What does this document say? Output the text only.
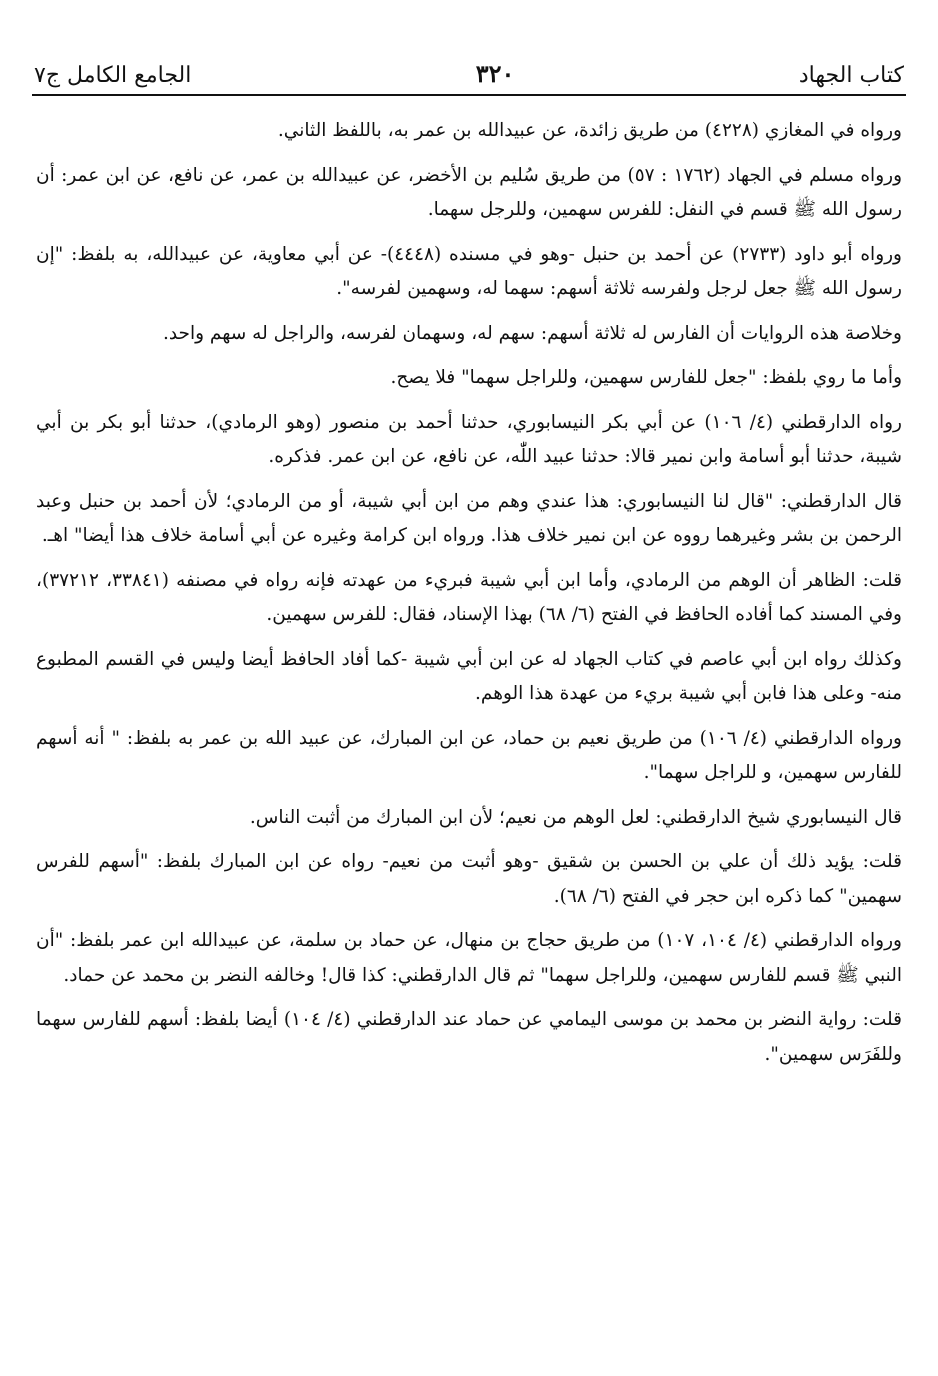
كتاب الجهاد
٣٢٠
الجامع الكامل ج٧

ورواه في المغازي (٤٢٢٨) من طريق زائدة، عن عبيدالله بن عمر به، باللفظ الثاني.

ورواه مسلم في الجهاد (١٧٦٢ : ٥٧) من طريق سُليم بن الأخضر، عن عبيدالله بن عمر، عن نافع، عن ابن عمر: أن رسول الله ﷺ قسم في النفل: للفرس سهمين، وللرجل سهما.

ورواه أبو داود (٢٧٣٣) عن أحمد بن حنبل -وهو في مسنده (٤٤٤٨)- عن أبي معاوية، عن عبيدالله، به بلفظ: "إن رسول الله ﷺ جعل لرجل ولفرسه ثلاثة أسهم: سهما له، وسهمين لفرسه".

وخلاصة هذه الروايات أن الفارس له ثلاثة أسهم: سهم له، وسهمان لفرسه، والراجل له سهم واحد.

وأما ما روي بلفظ: "جعل للفارس سهمين، وللراجل سهما" فلا يصح.

رواه الدارقطني (٤/ ١٠٦) عن أبي بكر النيسابوري، حدثنا أحمد بن منصور (وهو الرمادي)، حدثنا أبو بكر بن أبي شيبة، حدثنا أبو أسامة وابن نمير قالا: حدثنا عبيد اللّٰه، عن نافع، عن ابن عمر. فذكره.

قال الدارقطني: "قال لنا النيسابوري: هذا عندي وهم من ابن أبي شيبة، أو من الرمادي؛ لأن أحمد بن حنبل وعبد الرحمن بن بشر وغيرهما رووه عن ابن نمير خلاف هذا. ورواه ابن كرامة وغيره عن أبي أسامة خلاف هذا أيضا" اهـ.

قلت: الظاهر أن الوهم من الرمادي، وأما ابن أبي شيبة فبريء من عهدته فإنه رواه في مصنفه (٣٣٨٤١، ٣٧٢١٢)، وفي المسند كما أفاده الحافظ في الفتح (٦/ ٦٨) بهذا الإسناد، فقال: للفرس سهمين.

وكذلك رواه ابن أبي عاصم في كتاب الجهاد له عن ابن أبي شيبة -كما أفاد الحافظ أيضا وليس في القسم المطبوع منه- وعلى هذا فابن أبي شيبة بريء من عهدة هذا الوهم.

ورواه الدارقطني (٤/ ١٠٦) من طريق نعيم بن حماد، عن ابن المبارك، عن عبيد الله بن عمر به بلفظ: " أنه أسهم للفارس سهمين، و للراجل سهما".

قال النيسابوري شيخ الدارقطني: لعل الوهم من نعيم؛ لأن ابن المبارك من أثبت الناس.

قلت: يؤيد ذلك أن علي بن الحسن بن شقيق -وهو أثبت من نعيم- رواه عن ابن المبارك بلفظ: "أسهم للفرس سهمين" كما ذكره ابن حجر في الفتح (٦/ ٦٨).

ورواه الدارقطني (٤/ ١٠٤، ١٠٧) من طريق حجاج بن منهال، عن حماد بن سلمة، عن عبيدالله ابن عمر بلفظ: "أن النبي ﷺ قسم للفارس سهمين، وللراجل سهما" ثم قال الدارقطني: كذا قال! وخالفه النضر بن محمد عن حماد.

قلت: رواية النضر بن محمد بن موسى اليمامي عن حماد عند الدارقطني (٤/ ١٠٤) أيضا بلفظ: أسهم للفارس سهما وللفَرَس سهمين".
